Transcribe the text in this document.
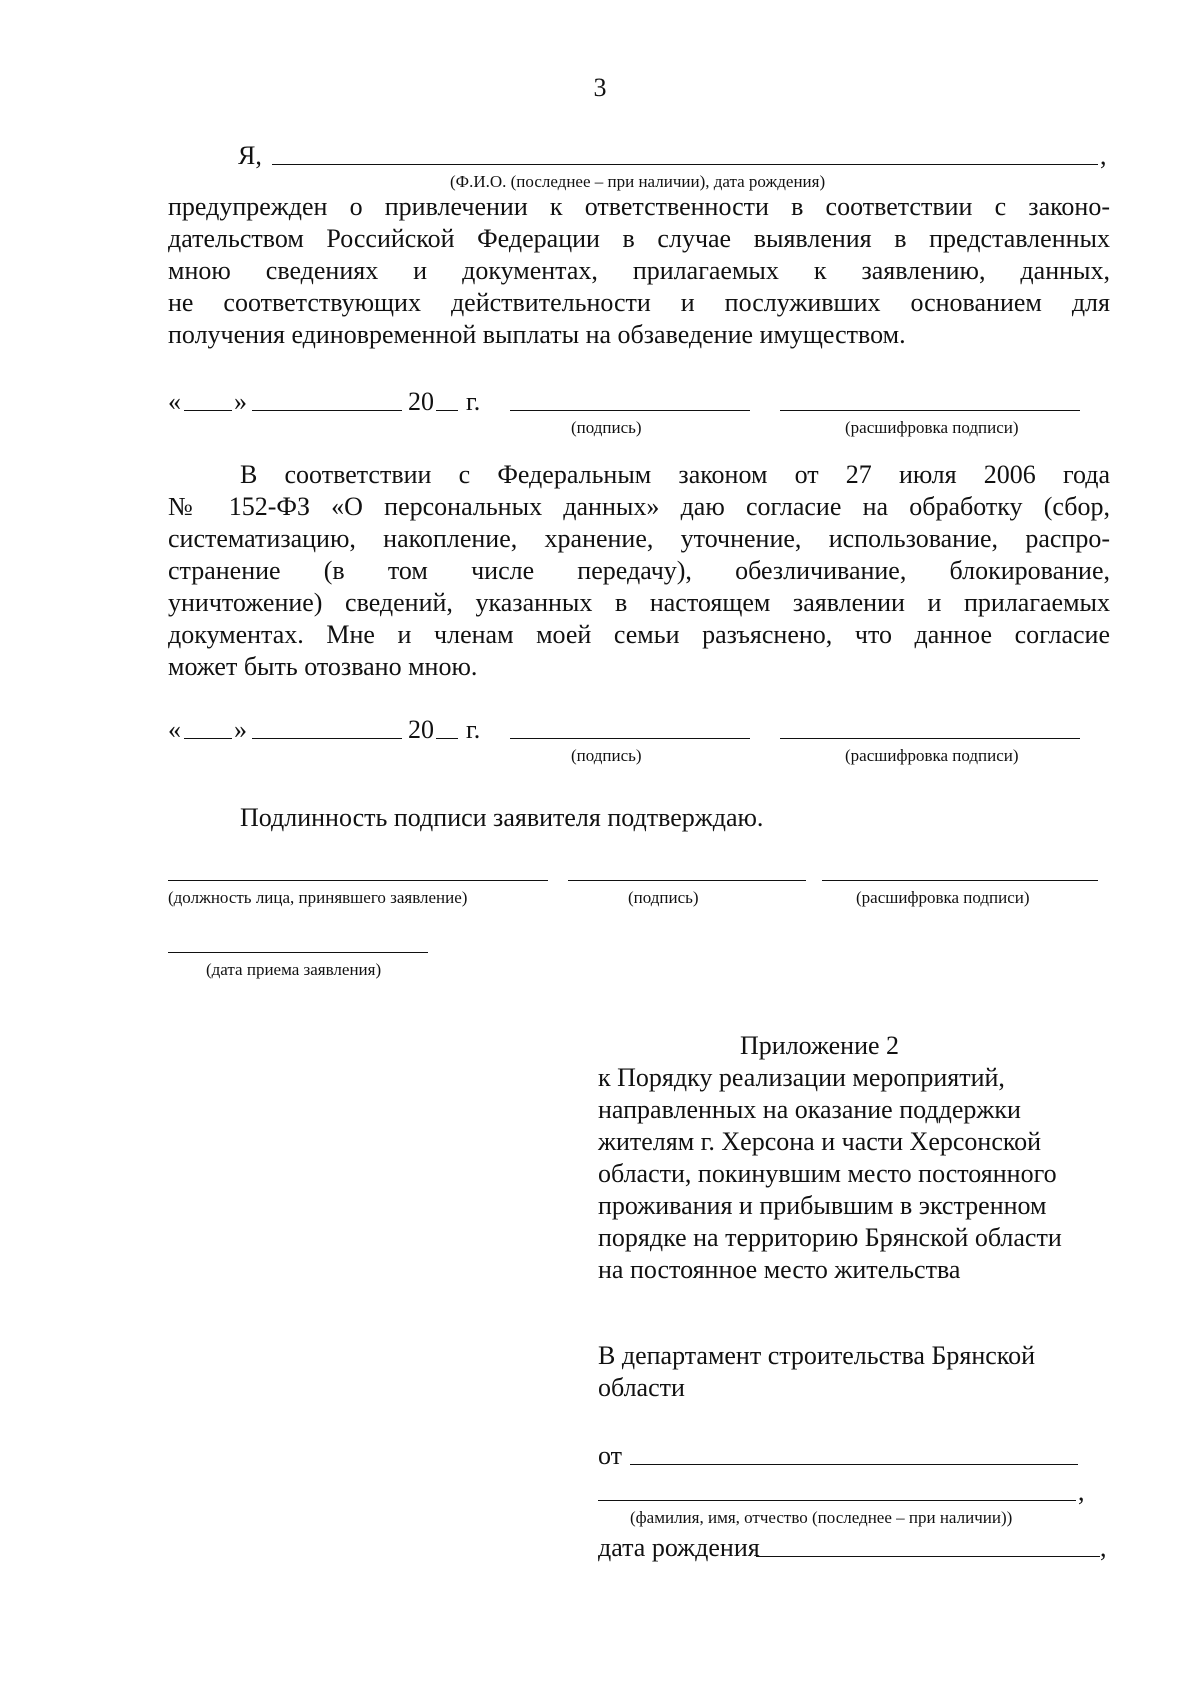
3
Я,	,
(Ф.И.О. (последнее – при наличии), дата рождения)
предупрежден о привлечении к ответственности в соответствии с законо-
дательством Российской Федерации в случае выявления в представленных
мною сведениях и документах, прилагаемых к заявлению, данных,
не соответствующих действительности и послуживших основанием для
получения единовременной выплаты на обзаведение имуществом.
« »	20 г.
(подпись)	(расшифровка подписи)
В соответствии с Федеральным законом от 27 июля 2006 года
№ 152-ФЗ «О персональных данных» даю согласие на обработку (сбор,
систематизацию, накопление, хранение, уточнение, использование, распро-
странение (в том числе передачу), обезличивание, блокирование,
уничтожение) сведений, указанных в настоящем заявлении и прилагаемых
документах. Мне и членам моей семьи разъяснено, что данное согласие
может быть отозвано мною.
« »	20 г.
(подпись)	(расшифровка подписи)
Подлинность подписи заявителя подтверждаю.
(должность лица, принявшего заявление)	(подпись)	(расшифровка подписи)
(дата приема заявления)
Приложение 2
к Порядку реализации мероприятий,
направленных на оказание поддержки
жителям г. Херсона и части Херсонской
области, покинувшим место постоянного
проживания и прибывшим в экстренном
порядке на территорию Брянской области
на постоянное место жительства
В департамент строительства Брянской
области
от
,
(фамилия, имя, отчество (последнее – при наличии))
дата рождения	,
